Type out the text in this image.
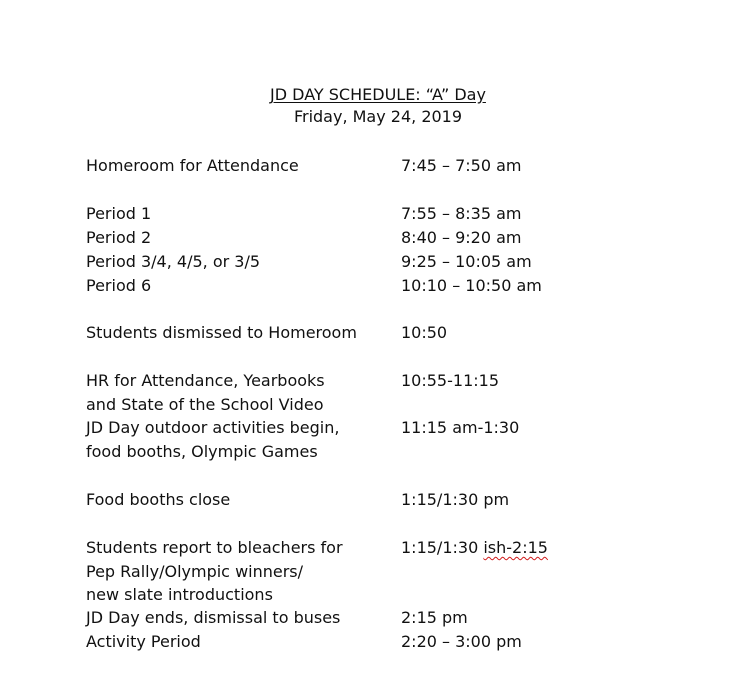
JD DAY SCHEDULE: “A” Day
Friday, May 24, 2019
Homeroom for Attendance	7:45 – 7:50 am
Period 1	7:55 – 8:35 am
Period 2	8:40 – 9:20 am
Period 3/4, 4/5, or 3/5	9:25 – 10:05 am
Period 6	10:10 – 10:50 am
Students dismissed to Homeroom	10:50
HR for Attendance, Yearbooks	10:55-11:15
and State of the School Video
JD Day outdoor activities begin,	11:15 am-1:30
food booths, Olympic Games
Food booths close	1:15/1:30 pm
Students report to bleachers for	1:15/1:30 ish-2:15
Pep Rally/Olympic winners/
new slate introductions
JD Day ends, dismissal to buses	2:15 pm
Activity Period	2:20 – 3:00 pm
